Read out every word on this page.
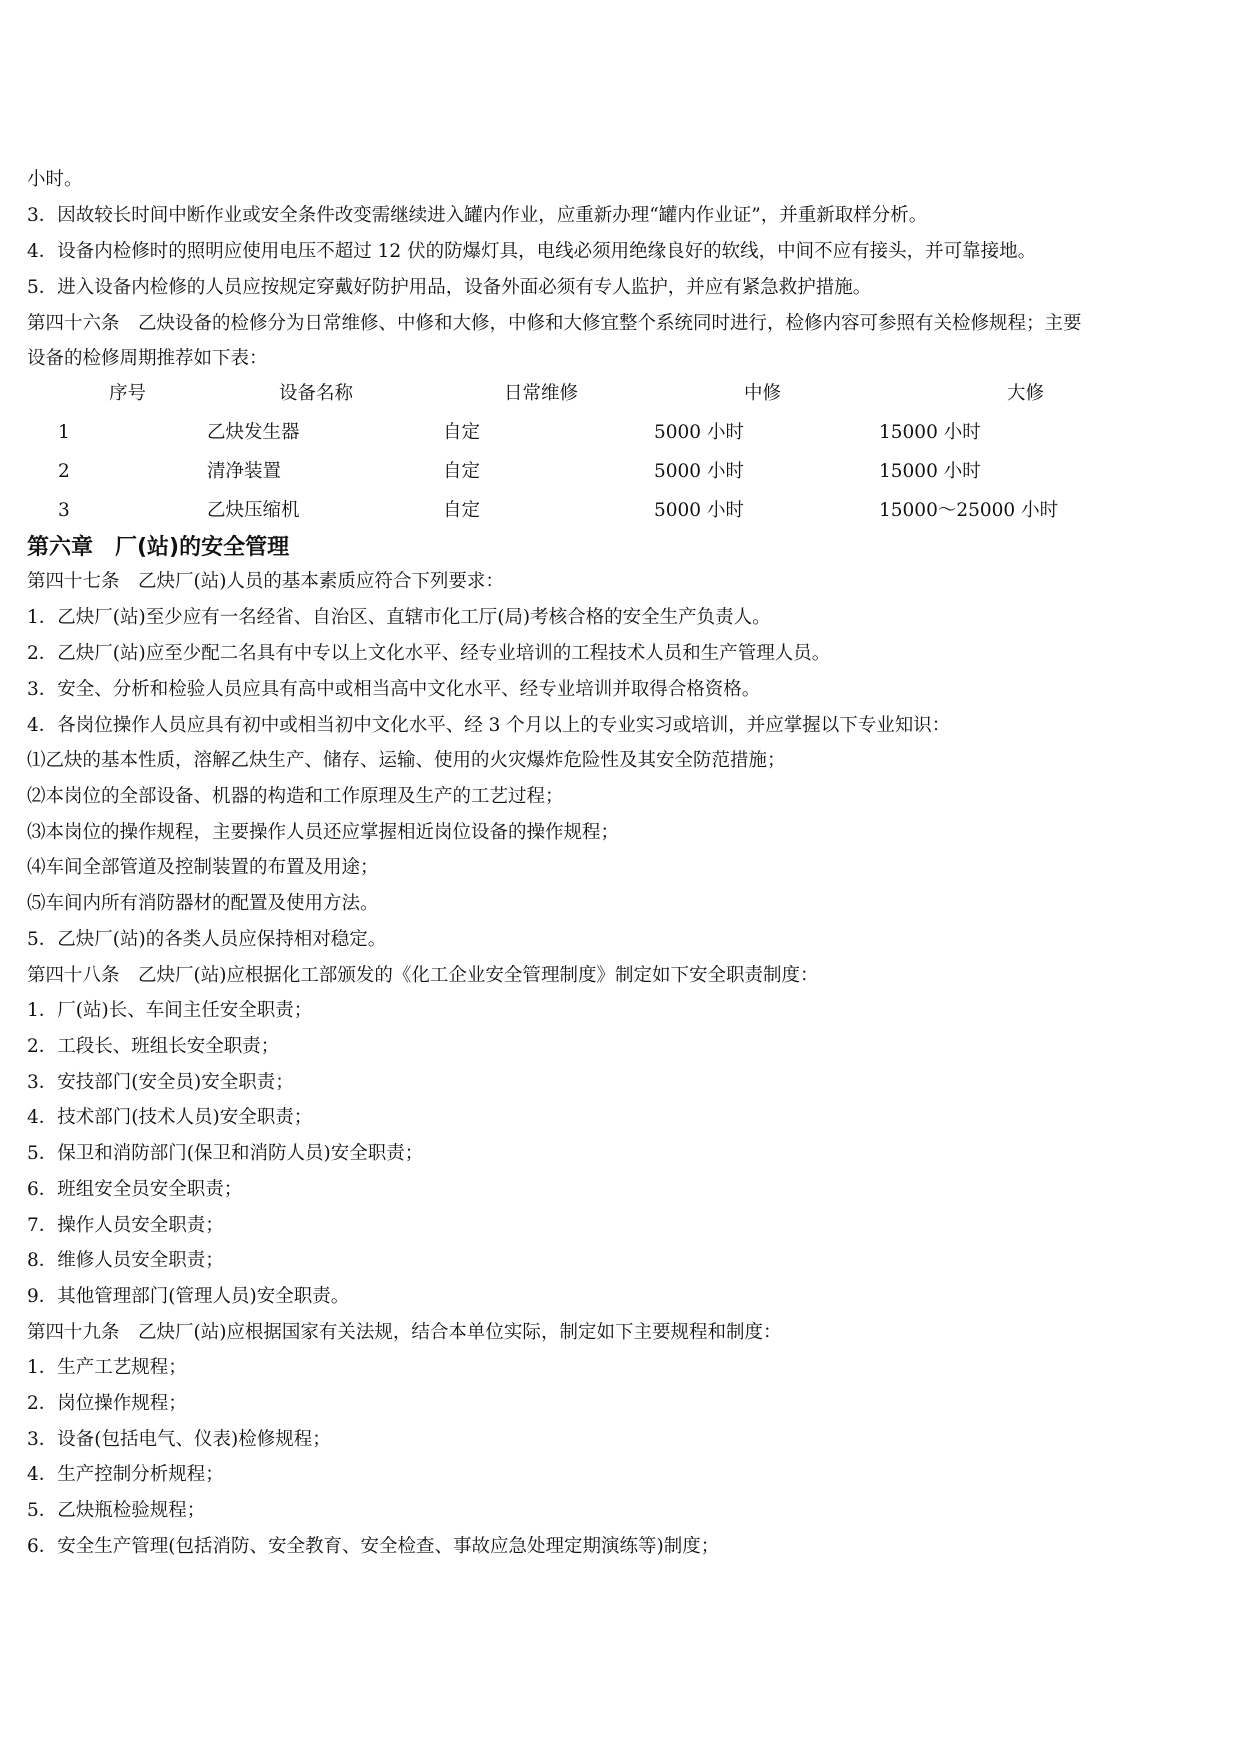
小时。
3．因故较长时间中断作业或安全条件改变需继续进入罐内作业，应重新办理“罐内作业证”，并重新取样分析。
4．设备内检修时的照明应使用电压不超过 12 伏的防爆灯具，电线必须用绝缘良好的软线，中间不应有接头，并可靠接地。
5．进入设备内检修的人员应按规定穿戴好防护用品，设备外面必须有专人监护，并应有紧急救护措施。
第四十六条　乙炔设备的检修分为日常维修、中修和大修，中修和大修宜整个系统同时进行，检修内容可参照有关检修规程；主要
设备的检修周期推荐如下表：
序号	设备名称	日常维修	中修	大修
1	乙炔发生器	自定	5000 小时	15000 小时
2	清净装置	自定	5000 小时	15000 小时
3	乙炔压缩机	自定	5000 小时	15000～25000 小时
第六章　厂(站)的安全管理
第四十七条　乙炔厂(站)人员的基本素质应符合下列要求：
1．乙炔厂(站)至少应有一名经省、自治区、直辖市化工厅(局)考核合格的安全生产负责人。
2．乙炔厂(站)应至少配二名具有中专以上文化水平、经专业培训的工程技术人员和生产管理人员。
3．安全、分析和检验人员应具有高中或相当高中文化水平、经专业培训并取得合格资格。
4．各岗位操作人员应具有初中或相当初中文化水平、经 3 个月以上的专业实习或培训，并应掌握以下专业知识：
⑴乙炔的基本性质，溶解乙炔生产、储存、运输、使用的火灾爆炸危险性及其安全防范措施；
⑵本岗位的全部设备、机器的构造和工作原理及生产的工艺过程；
⑶本岗位的操作规程，主要操作人员还应掌握相近岗位设备的操作规程；
⑷车间全部管道及控制装置的布置及用途；
⑸车间内所有消防器材的配置及使用方法。
5．乙炔厂(站)的各类人员应保持相对稳定。
第四十八条　乙炔厂(站)应根据化工部颁发的《化工企业安全管理制度》制定如下安全职责制度：
1．厂(站)长、车间主任安全职责；
2．工段长、班组长安全职责；
3．安技部门(安全员)安全职责；
4．技术部门(技术人员)安全职责；
5．保卫和消防部门(保卫和消防人员)安全职责；
6．班组安全员安全职责；
7．操作人员安全职责；
8．维修人员安全职责；
9．其他管理部门(管理人员)安全职责。
第四十九条　乙炔厂(站)应根据国家有关法规，结合本单位实际，制定如下主要规程和制度：
1．生产工艺规程；
2．岗位操作规程；
3．设备(包括电气、仪表)检修规程；
4．生产控制分析规程；
5．乙炔瓶检验规程；
6．安全生产管理(包括消防、安全教育、安全检查、事故应急处理定期演练等)制度；
